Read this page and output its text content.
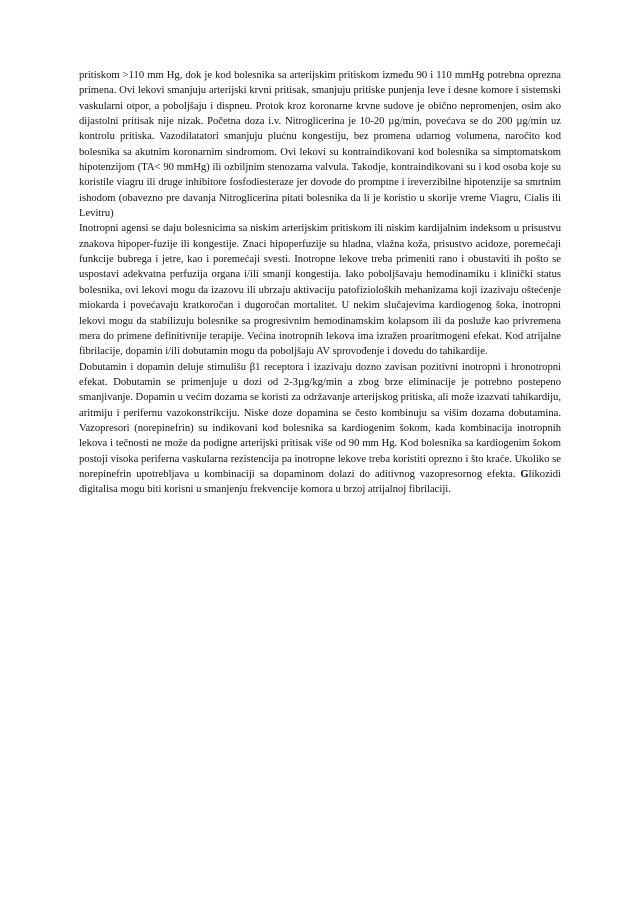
pritiskom >110 mm Hg, dok je kod bolesnika sa arterijskim pritiskom između 90 i 110 mmHg potrebna oprezna primena. Ovi lekovi smanjuju arterijski krvni pritisak, smanjuju pritiske punjenja leve i desne komore i sistemski vaskularni otpor, a poboljšaju i dispneu. Protok kroz koronarne krvne sudove je obično nepromenjen, osim ako dijastolni pritisak nije nizak. Početna doza i.v. Nitroglicerina je 10-20 µg/min, povećava se do 200 µg/min uz kontrolu pritiska. Vazodilatatori smanjuju plućnu kongestiju, bez promena udarnog volumena, naročito kod bolesnika sa akutnim koronarnim sindromom. Ovi lekovi su kontraindikovani kod bolesnika sa simptomatskom hipotenzijom (TA< 90 mmHg) ili ozbiljnim stenozama valvula. Takodje, kontraindikovani su i kod osoba koje su koristile viagru ili druge inhibitore fosfodiesteraze jer dovode do promptne i ireverzibilne hipotenzije sa smrtnim ishodom (obavezno pre davanja Nitroglicerina pitati bolesnika da li je koristio u skorije vreme Viagru, Cialis ili Levitru)

Inotropni agensi se daju bolesnicima sa niskim arterijskim pritiskom ili niskim kardijalnim indeksom u prisustvu znakova hipoper-fuzije ili kongestije. Znaci hipoperfuzije su hladna, vlažna koža, prisustvo acidoze, poremećaji funkcije bubrega i jetre, kao i poremećaji svesti. Inotropne lekove treba primeniti rano i obustaviti ih pošto se uspostavi adekvatna perfuzija organa i/ili smanji kongestija. Iako poboljšavaju hemodinamiku i klinički status bolesnika, ovi lekovi mogu da izazovu ili ubrzaju aktivaciju patofizioloških mehanizama koji izazivaju oštećenje miokarda i povećavaju kratkoročan i dugoročan mortalitet. U nekim slučajevima kardiogenog šoka, inotropni lekovi mogu da stabilizuju bolesnike sa progresivnim hemodinamskim kolapsom ili da posluže kao privremena mera do primene definitivnije terapije. Većina inotropnih lekova ima izražen proaritmogeni efekat. Kod atrijalne fibrilacije, dopamin i/ili dobutamin mogu da poboljšaju AV sprovođenje i dovedu do tahikardije.

Dobutamin i dopamin deluje stimulišu β1 receptora i izazivaju dozno zavisan pozitivni inotropni i hronotropni efekat. Dobutamin se primenjuje u dozi od 2-3µg/kg/min a zbog brze eliminacije je potrebno postepeno smanjivanje. Dopamin u većim dozama se koristi za održavanje arterijskog pritiska, ali može izazvati tahikardiju, aritmiju i perifernu vazokonstrikciju. Niske doze dopamina se često kombinuju sa višim dozama dobutamina. Vazopresori (norepinefrin) su indikovani kod bolesnika sa kardiogenim šokom, kada kombinacija inotropnih lekova i tečnosti ne može da podigne arterijski pritisak više od 90 mm Hg. Kod bolesnika sa kardiogenim šokom postoji visoka periferna vaskularna rezistencija pa inotropne lekove treba koristiti oprezno i što kraće. Ukoliko se norepinefrin upotrebljava u kombinaciji sa dopaminom dolazi do aditivnog vazopresornog efekta. Glikozidi digitalisa mogu biti korisni u smanjenju frekvencije komora u brzoj atrijalnoj fibrilaciji.
